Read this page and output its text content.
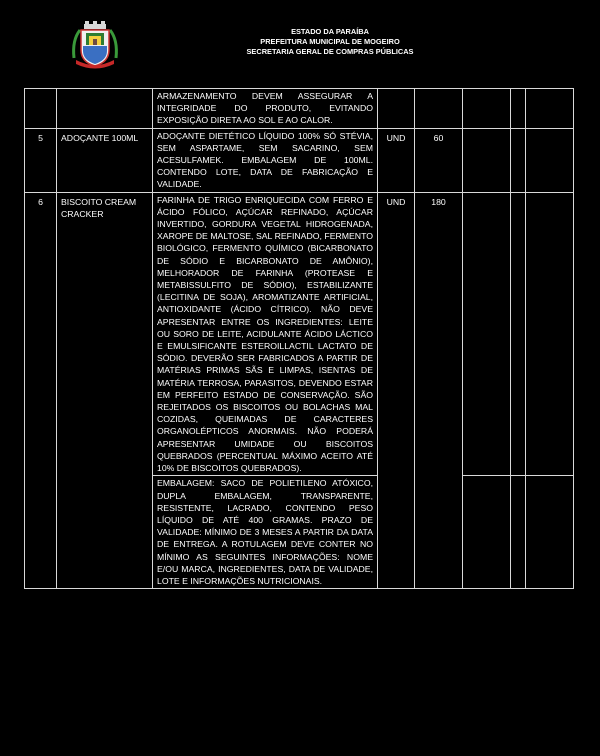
ESTADO DA PARAÍBA
PREFEITURA MUNICIPAL DE MOGEIRO
SECRETARIA GERAL DE COMPRAS PÚBLICAS
		ARMAZENAMENTO DEVEM ASSEGURAR A INTEGRIDADE DO PRODUTO, EVITANDO EXPOSIÇÃO DIRETA AO SOL E AO CALOR.					
5	ADOÇANTE 100ML	ADOÇANTE DIETÉTICO LÍQUIDO 100% SÓ STÉVIA, SEM ASPARTAME, SEM SACARINO, SEM ACESULFAMEK. EMBALAGEM DE 100ML. CONTENDO LOTE, DATA DE FABRICAÇÃO E VALIDADE.	UND	60			
6	BISCOITO CREAM CRACKER	FARINHA DE TRIGO ENRIQUECIDA COM FERRO E ÁCIDO FÓLICO, AÇÚCAR REFINADO, AÇÚCAR INVERTIDO, GORDURA VEGETAL HIDROGENADA, XAROPE DE MALTOSE, SAL REFINADO, FERMENTO BIOLÓGICO, FERMENTO QUÍMICO (BICARBONATO DE SÓDIO E BICARBONATO DE AMÔNIO), MELHORADOR DE FARINHA (PROTEASE E METABISSULFITO DE SÓDIO), ESTABILIZANTE (LECITINA DE SOJA), AROMATIZANTE ARTIFICIAL, ANTIOXIDANTE (ÁCIDO CÍTRICO). NÃO DEVE APRESENTAR ENTRE OS INGREDIENTES: LEITE OU SORO DE LEITE, ACIDULANTE ÁCIDO LÁCTICO E EMULSIFICANTE ESTEROILLACTIL LACTATO DE SÓDIO. DEVERÃO SER FABRICADOS A PARTIR DE MATÉRIAS PRIMAS SÃS E LIMPAS, ISENTAS DE MATÉRIA TERROSA, PARASITOS, DEVENDO ESTAR EM PERFEITO ESTADO DE CONSERVAÇÃO. SÃO REJEITADOS OS BISCOITOS OU BOLACHAS MAL COZIDAS, QUEIMADAS DE CARACTERES ORGANOLÉPTICOS ANORMAIS. NÃO PODERÁ APRESENTAR UMIDADE OU BISCOITOS QUEBRADOS (PERCENTUAL MÁXIMO ACEITO ATÉ 10% DE BISCOITOS QUEBRADOS).	UND	180			
		EMBALAGEM: SACO DE POLIETILENO ATÓXICO, DUPLA EMBALAGEM, TRANSPARENTE, RESISTENTE, LACRADO, CONTENDO PESO LÍQUIDO DE ATÉ 400 GRAMAS. PRAZO DE VALIDADE: MÍNIMO DE 3 MESES A PARTIR DA DATA DE ENTREGA. A ROTULAGEM DEVE CONTER NO MÍNIMO AS SEGUINTES INFORMAÇÕES: NOME E/OU MARCA, INGREDIENTES, DATA DE VALIDADE, LOTE E INFORMAÇÕES NUTRICIONAIS.					
